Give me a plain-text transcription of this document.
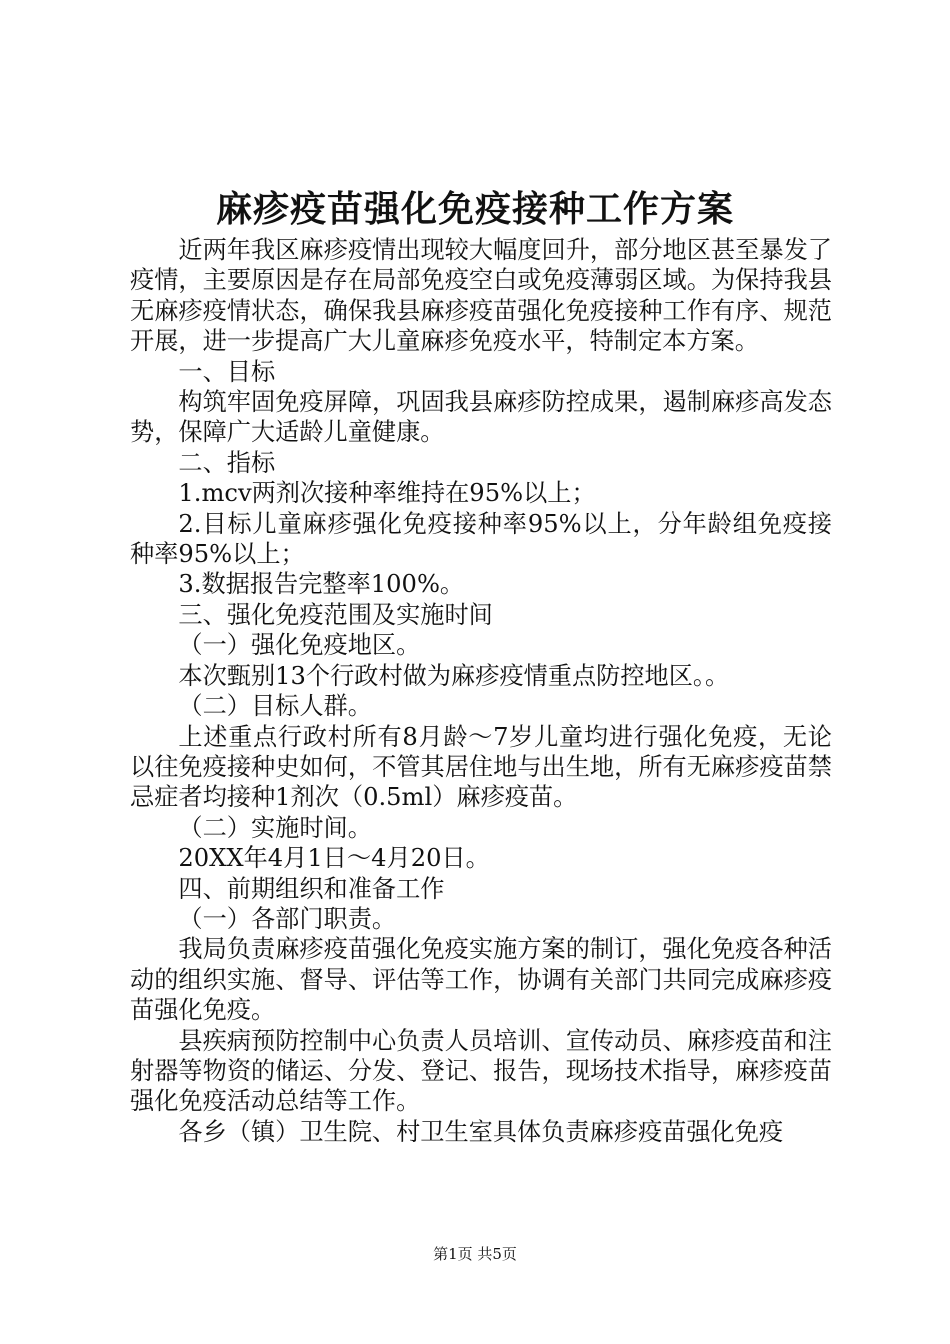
麻疹疫苗强化免疫接种工作方案

近两年我区麻疹疫情出现较大幅度回升，部分地区甚至暴发了疫情，主要原因是存在局部免疫空白或免疫薄弱区域。为保持我县无麻疹疫情状态，确保我县麻疹疫苗强化免疫接种工作有序、规范开展，进一步提高广大儿童麻疹免疫水平，特制定本方案。

一、目标

构筑牢固免疫屏障，巩固我县麻疹防控成果，遏制麻疹高发态势，保障广大适龄儿童健康。

二、指标

1.mcv两剂次接种率维持在95%以上；

2.目标儿童麻疹强化免疫接种率95%以上，分年龄组免疫接种率95%以上；

3.数据报告完整率100%。

三、强化免疫范围及实施时间

（一）强化免疫地区。

本次甄别13个行政村做为麻疹疫情重点防控地区。。

（二）目标人群。

上述重点行政村所有8月龄～7岁儿童均进行强化免疫，无论以往免疫接种史如何，不管其居住地与出生地，所有无麻疹疫苗禁忌症者均接种1剂次（0.5ml）麻疹疫苗。

（二）实施时间。

20XX年4月1日～4月20日。

四、前期组织和准备工作

（一）各部门职责。

我局负责麻疹疫苗强化免疫实施方案的制订，强化免疫各种活动的组织实施、督导、评估等工作，协调有关部门共同完成麻疹疫苗强化免疫。

县疾病预防控制中心负责人员培训、宣传动员、麻疹疫苗和注射器等物资的储运、分发、登记、报告，现场技术指导，麻疹疫苗强化免疫活动总结等工作。

各乡（镇）卫生院、村卫生室具体负责麻疹疫苗强化免疫

第1页 共5页
